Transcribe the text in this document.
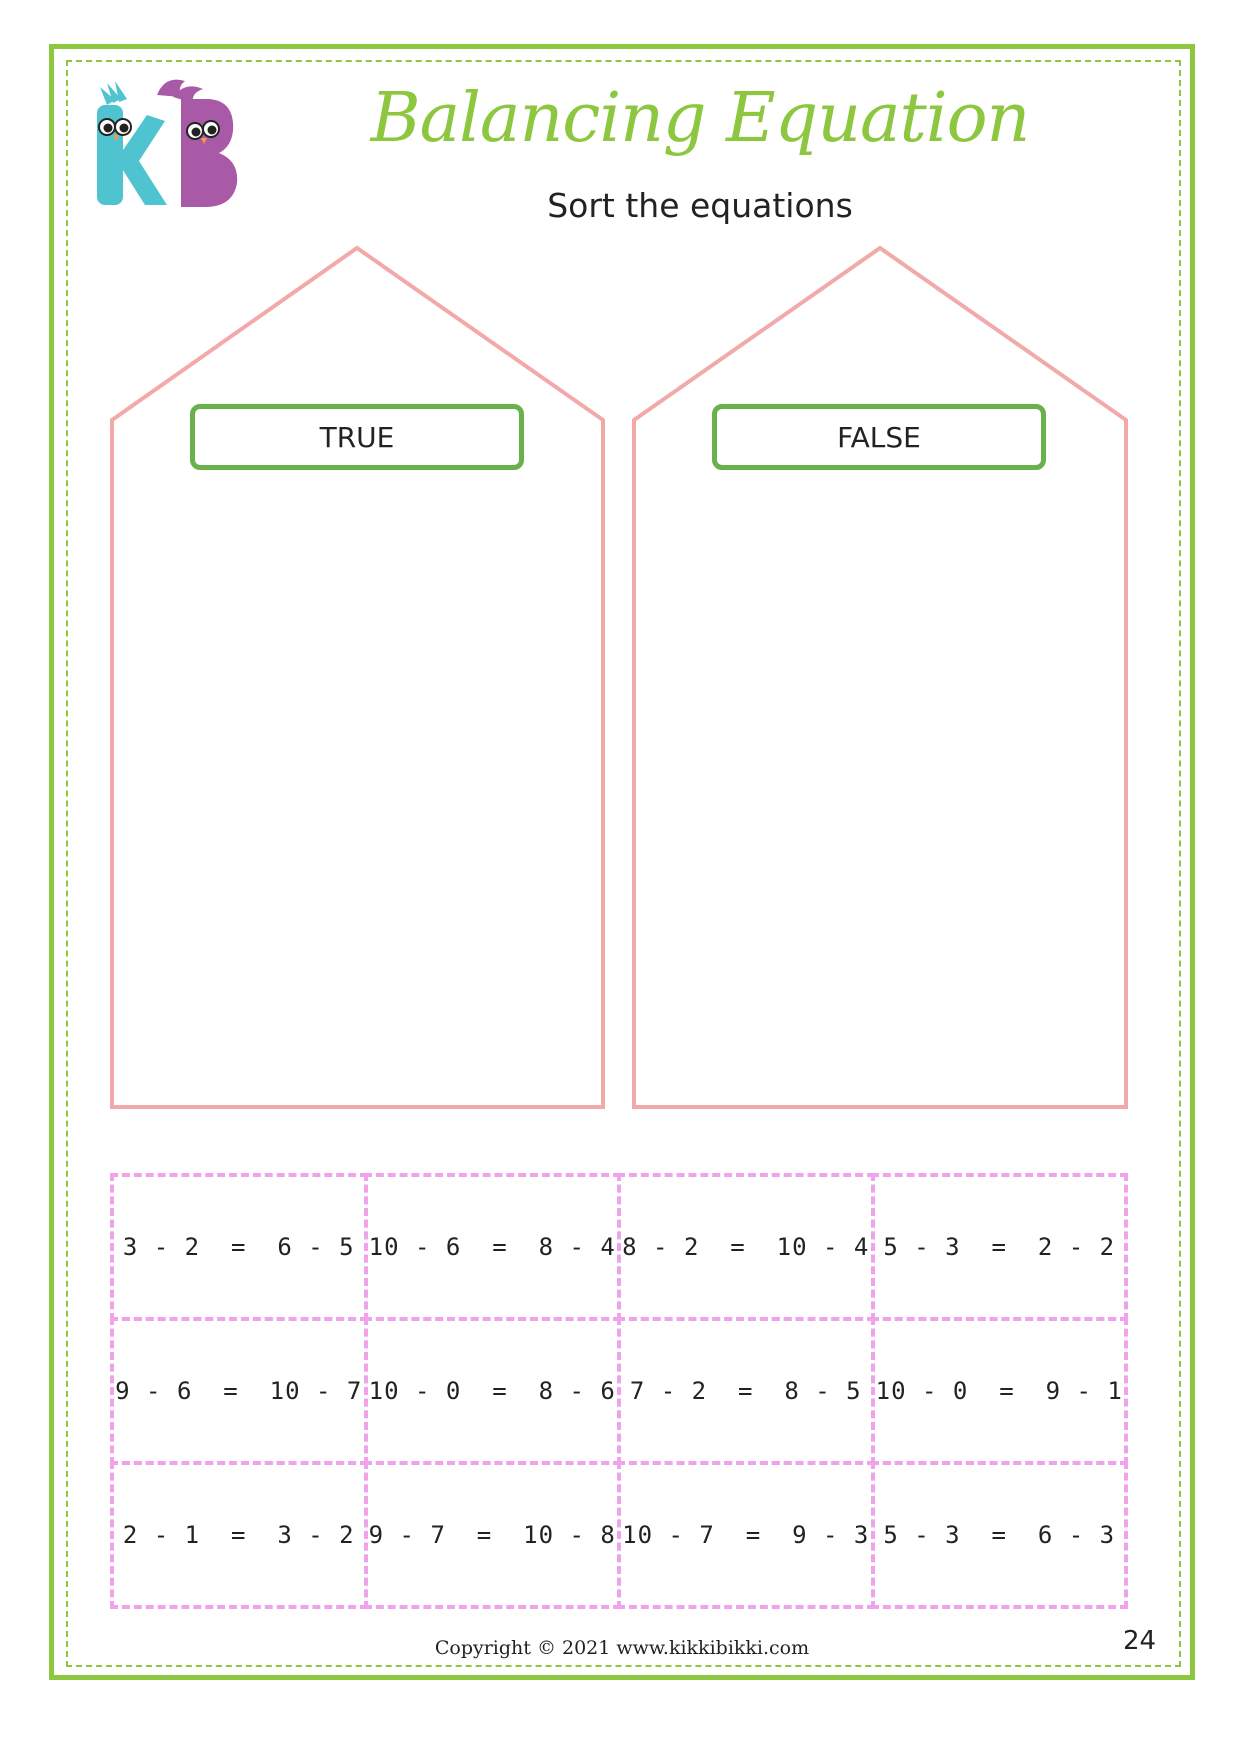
Balancing Equation
Sort the equations
TRUE	FALSE
3 - 2  =  6 - 5 10 - 6  =  8 - 4 8 - 2  =  10 - 4 5 - 3  =  2 - 2
9 - 6  =  10 - 7 10 - 0  =  8 - 6 7 - 2  =  8 - 5 10 - 0  =  9 - 1
2 - 1  =  3 - 2 9 - 7  =  10 - 8 10 - 7  =  9 - 3 5 - 3  =  6 - 3
Copyright © 2021 www.kikkibikki.com	24
